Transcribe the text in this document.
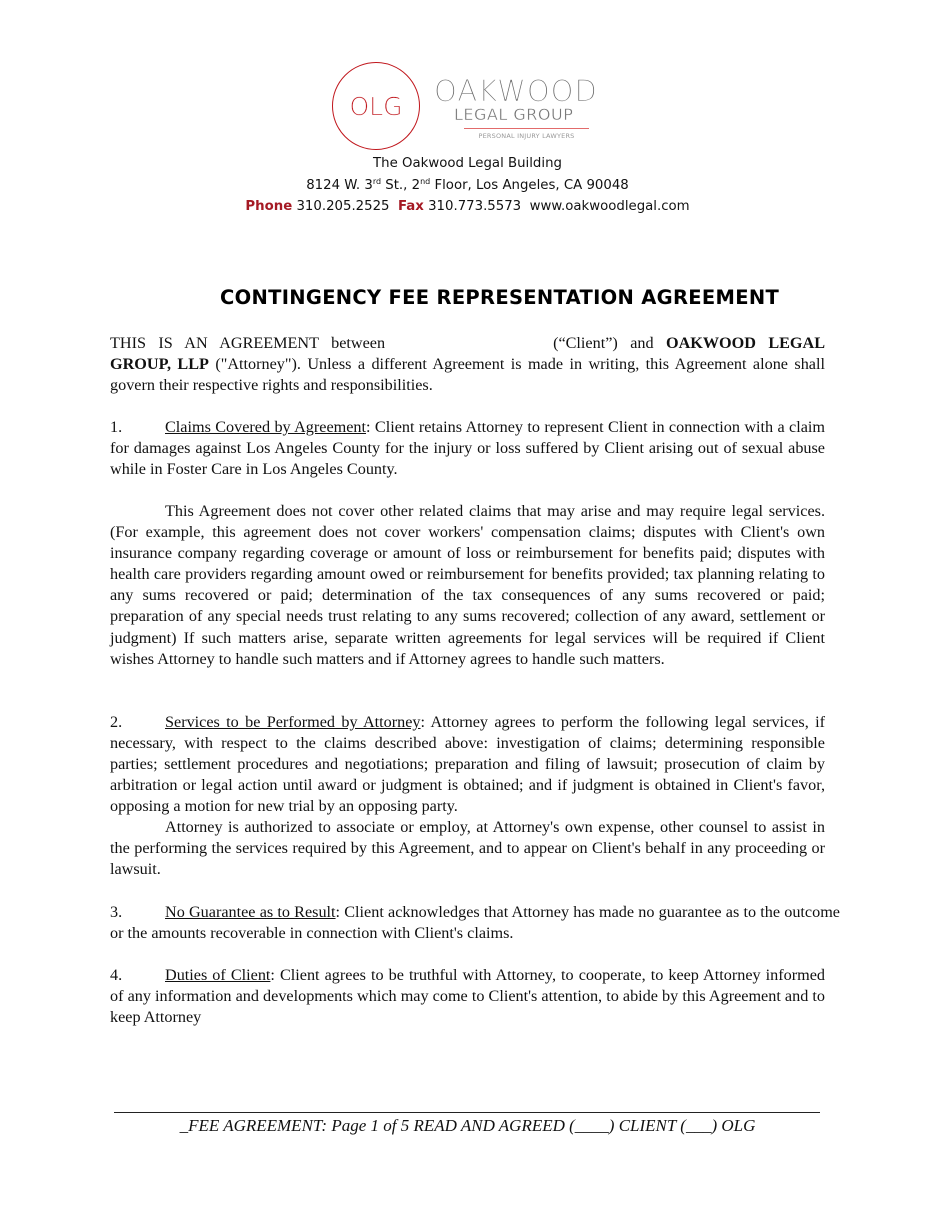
OLG OAKWOOD
LEGAL GROUP
PERSONAL INJURY LAWYERS
The Oakwood Legal Building
8124 W. 3rd St., 2nd Floor, Los Angeles, CA 90048
Phone 310.205.2525 Fax 310.773.5573 www.oakwoodlegal.com
CONTINGENCY FEE REPRESENTATION AGREEMENT
THIS IS AN AGREEMENT between	(“Client”) and OAKWOOD LEGAL GROUP, LLP ("Attorney"). Unless a different Agreement is made in writing, this Agreement alone shall govern their respective rights and responsibilities.
1.	Claims Covered by Agreement: Client retains Attorney to represent Client in connection with a claim for damages against Los Angeles County for the injury or loss suffered by Client arising out of sexual abuse while in Foster Care in Los Angeles County.
This Agreement does not cover other related claims that may arise and may require legal services. (For example, this agreement does not cover workers' compensation claims; disputes with Client's own insurance company regarding coverage or amount of loss or reimbursement for benefits paid; disputes with health care providers regarding amount owed or reimbursement for benefits provided; tax planning relating to any sums recovered or paid; determination of the tax consequences of any sums recovered or paid; preparation of any special needs trust relating to any sums recovered; collection of any award, settlement or judgment) If such matters arise, separate written agreements for legal services will be required if Client wishes Attorney to handle such matters and if Attorney agrees to handle such matters.
2.	Services to be Performed by Attorney: Attorney agrees to perform the following legal services, if necessary, with respect to the claims described above: investigation of claims; determining responsible parties; settlement procedures and negotiations; preparation and filing of lawsuit; prosecution of claim by arbitration or legal action until award or judgment is obtained; and if judgment is obtained in Client's favor, opposing a motion for new trial by an opposing party.
Attorney is authorized to associate or employ, at Attorney's own expense, other counsel to assist in the performing the services required by this Agreement, and to appear on Client's behalf in any proceeding or lawsuit.
3.	No Guarantee as to Result: Client acknowledges that Attorney has made no guarantee as to the outcome or the amounts recoverable in connection with Client's claims.
4.	Duties of Client: Client agrees to be truthful with Attorney, to cooperate, to keep Attorney informed of any information and developments which may come to Client's attention, to abide by this Agreement and to keep Attorney
_FEE AGREEMENT: Page 1 of 5 READ AND AGREED (____) CLIENT (___) OLG
